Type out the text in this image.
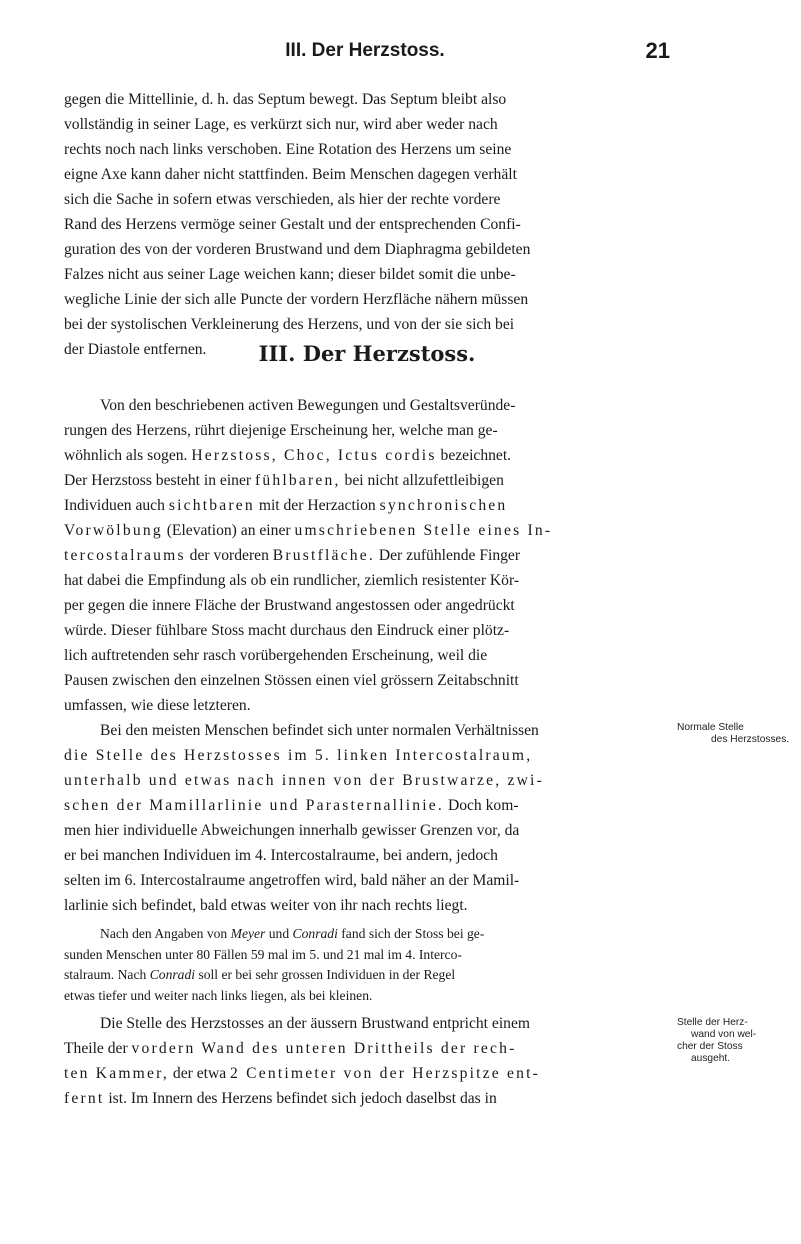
III. Der Herzstoss.	21

gegen die Mittellinie, d. h. das Septum bewegt. Das Septum bleibt also

vollständig in seiner Lage, es verkürzt sich nur, wird aber weder nach

rechts noch nach links verschoben. Eine Rotation des Herzens um seine

eigne Axe kann daher nicht stattfinden. Beim Menschen dagegen verhält

sich die Sache in sofern etwas verschieden, als hier der rechte vordere

Rand des Herzens vermöge seiner Gestalt und der entsprechenden Confi-

guration des von der vorderen Brustwand und dem Diaphragma gebildeten

Falzes nicht aus seiner Lage weichen kann; dieser bildet somit die unbe-

wegliche Linie der sich alle Puncte der vordern Herzfläche nähern müssen

bei der systolischen Verkleinerung des Herzens, und von der sie sich bei

der Diastole entfernen.	III. Der Herzstoss.

Von den beschriebenen activen Bewegungen und Gestaltsveründe-

rungen des Herzens, rührt diejenige Erscheinung her, welche man ge-

wöhnlich als sogen. Herzstoss, Choc, Ictus cordis bezeichnet.

Der Herzstoss besteht in einer fühlbaren, bei nicht allzufettleibigen

Individuen auch sichtbaren mit der Herzaction synchronischen

Vorwölbung (Elevation) an einer umschriebenen Stelle eines In-

tercostalraums der vorderen Brustfläche. Der zufühlende Finger

hat dabei die Empfindung als ob ein rundlicher, ziemlich resistenter Kör-

per gegen die innere Fläche der Brustwand angestossen oder angedrückt

würde. Dieser fühlbare Stoss macht durchaus den Eindruck einer plötz-

lich auftretenden sehr rasch vorübergehenden Erscheinung, weil die

Pausen zwischen den einzelnen Stössen einen viel grössern Zeitabschnitt

umfassen, wie diese letzteren.

Bei den meisten Menschen befindet sich unter normalen Verhältnissen

die Stelle des Herzstosses im 5. linken Intercostalraum,

unterhalb und etwas nach innen von der Brustwarze, zwi-

schen der Mamillarlinie und Parasternallinie. Doch kom-

men hier individuelle Abweichungen innerhalb gewisser Grenzen vor, da

er bei manchen Individuen im 4. Intercostalraume, bei andern, jedoch

selten im 6. Intercostalraume angetroffen wird, bald näher an der Mamil-

larlinie sich befindet, bald etwas weiter von ihr nach rechts liegt.

Nach den Angaben von Meyer und Conradi fand sich der Stoss bei ge-

sunden Menschen unter 80 Fällen 59 mal im 5. und 21 mal im 4. Interco-

stalraum. Nach Conradi soll er bei sehr grossen Individuen in der Regel

etwas tiefer und weiter nach links liegen, als bei kleinen.

Die Stelle des Herzstosses an der äussern Brustwand entpricht einem

Theile der vordern Wand des unteren Drittheils der rech-

ten Kammer, der etwa 2 Centimeter von der Herzspitze ent-

fernt ist. Im Innern des Herzens befindet sich jedoch daselbst das in

Normale Stelle
des Herzstosses.
Stelle der Herz-
wand von wel-
cher der Stoss
ausgeht.
